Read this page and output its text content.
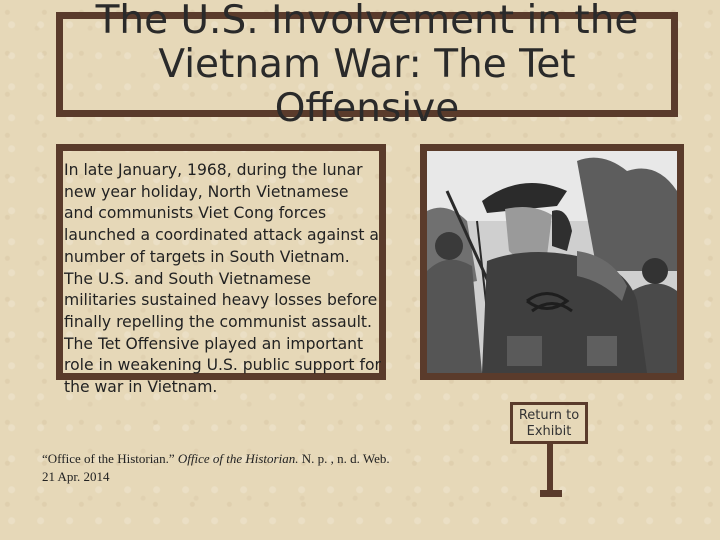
The U.S. Involvement in the Vietnam War: The Tet Offensive

In late January, 1968, during the lunar new year holiday, North Vietnamese and communists Viet Cong forces launched a coordinated attack against a number of targets in South Vietnam. The U.S. and South Vietnamese militaries sustained heavy losses before finally repelling the communist assault. The Tet Offensive played an important role in weakening U.S. public support for the war in Vietnam.

“Office of the Historian.” Office of the Historian. N. p. , n. d. Web. 21 Apr. 2014
Return to Exhibit
